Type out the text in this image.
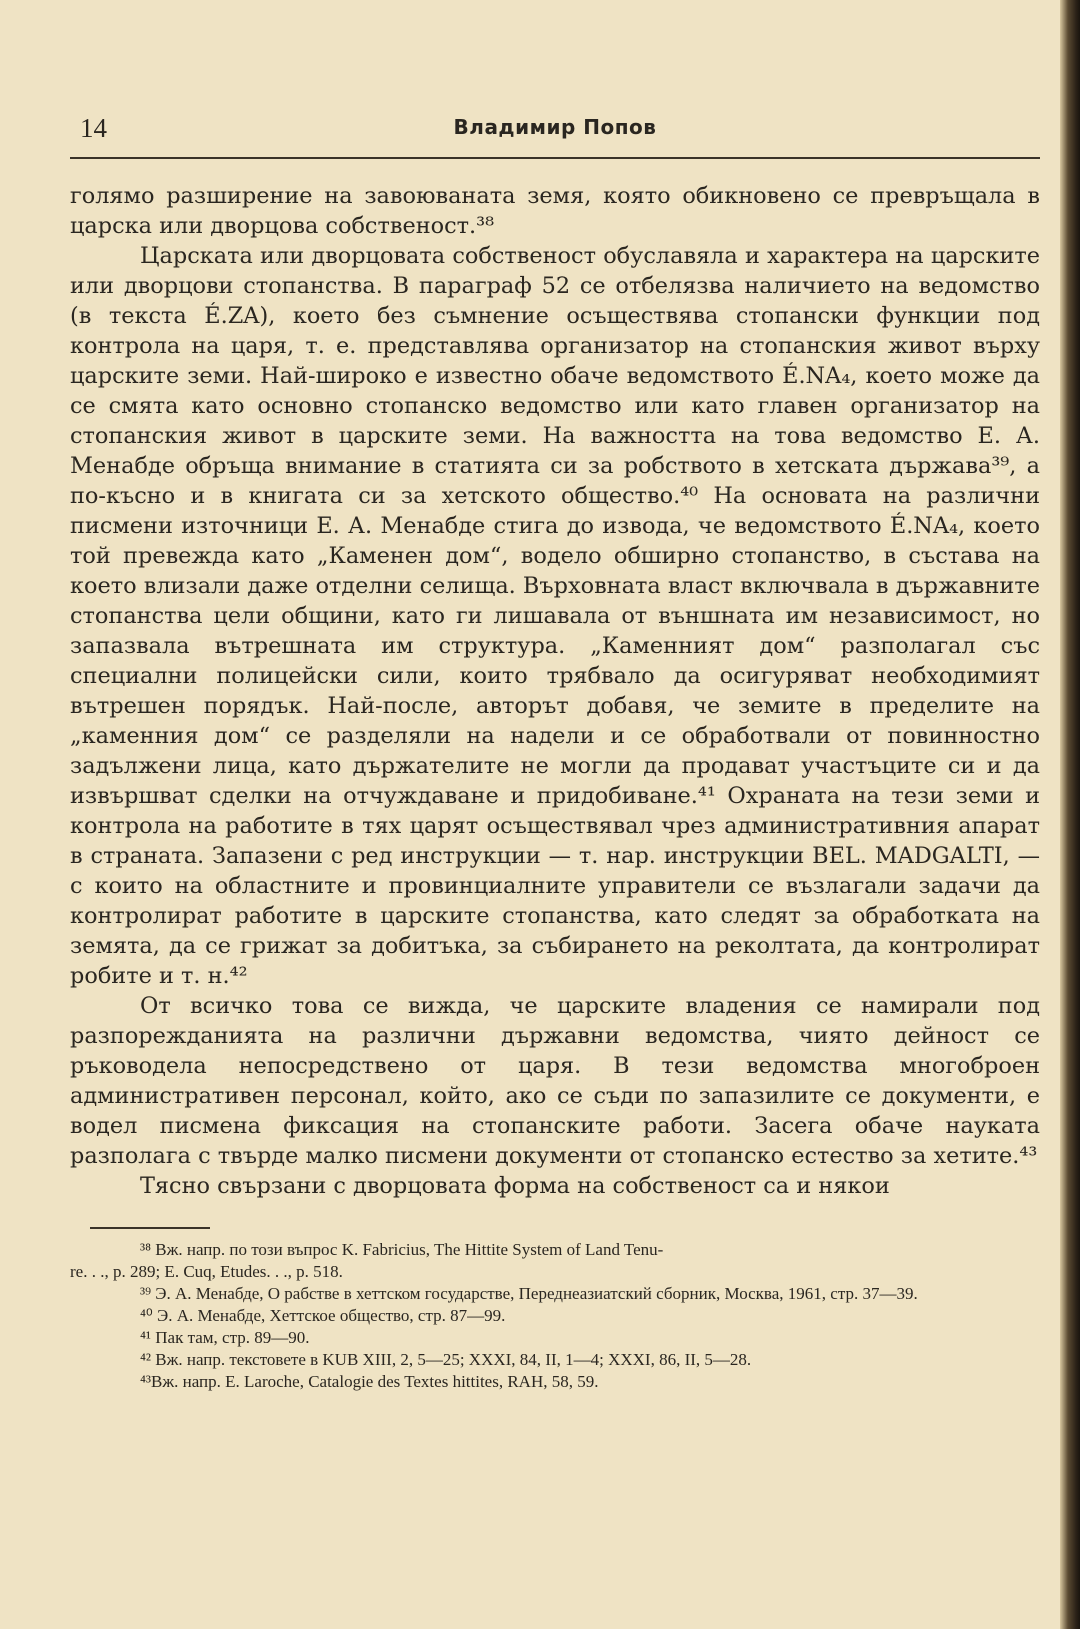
14	Владимир Попов

голямо разширение на завоюваната земя, която обикновено се превръщала в царска или дворцова собственост.³⁸

Царската или дворцовата собственост обуславяла и характера на царските или дворцови стопанства. В параграф 52 се отбелязва наличието на ведомство (в текста É.ZA), което без съмнение осъществява стопански функции под контрола на царя, т. е. представлява организатор на стопанския живот върху царските земи. Най-широко е известно обаче ведомството É.NA₄, което може да се смята като основно стопанско ведомство или като главен организатор на стопанския живот в царските земи. На важността на това ведомство Е. А. Менабде обръща внимание в статията си за робството в хетската държава³⁹, а по-късно и в книгата си за хетското общество.⁴⁰ На основата на различни писмени източници Е. А. Менабде стига до извода, че ведомството É.NA₄, което той превежда като „Каменен дом“, водело обширно стопанство, в състава на което влизали даже отделни селища. Върховната власт включвала в държавните стопанства цели общини, като ги лишавала от външната им независимост, но запазвала вътрешната им структура. „Каменният дом“ разполагал със специални полицейски сили, които трябвало да осигуряват необходимият вътрешен порядък. Най-после, авторът добавя, че земите в пределите на „каменния дом“ се разделяли на надели и се обработвали от повинностно задължени лица, като държателите не могли да продават участъците си и да извършват сделки на отчуждаване и придобиване.⁴¹ Охраната на тези земи и контрола на работите в тях царят осъществявал чрез административния апарат в страната. Запазени с ред инструкции — т. нар. инструкции BEL. MADGALTI, — с които на областните и провинциалните управители се възлагали задачи да контролират работите в царските стопанства, като следят за обработката на земята, да се грижат за добитъка, за събирането на реколтата, да контролират робите и т. н.⁴²

От всичко това се вижда, че царските владения се намирали под разпорежданията на различни държавни ведомства, чиято дейност се ръководела непосредствено от царя. В тези ведомства многоброен административен персонал, който, ако се съди по запазилите се документи, е водел писмена фиксация на стопанските работи. Засега обаче науката разполага с твърде малко писмени документи от стопанско естество за хетите.⁴³

Тясно свързани с дворцовата форма на собственост са и някои

³⁸ Вж. напр. по този въпрос K. Fabricius, The Hittite System of Land Tenu-

re. . ., p. 289; E. Cuq, Etudes. . ., p. 518.

³⁹ Э. А. Менабде, О рабстве в хеттском государстве, Переднеазиатский сборник, Москва, 1961, стр. 37—39.

⁴⁰ Э. А. Менабде, Хеттское общество, стр. 87—99.

⁴¹ Пак там, стр. 89—90.

⁴² Вж. напр. текстовете в KUB XIII, 2, 5—25; XXXI, 84, II, 1—4; XXXI, 86, II, 5—28.

⁴³Вж. напр. E. Laroche, Catalogie des Textes hittites, RAH, 58, 59.
